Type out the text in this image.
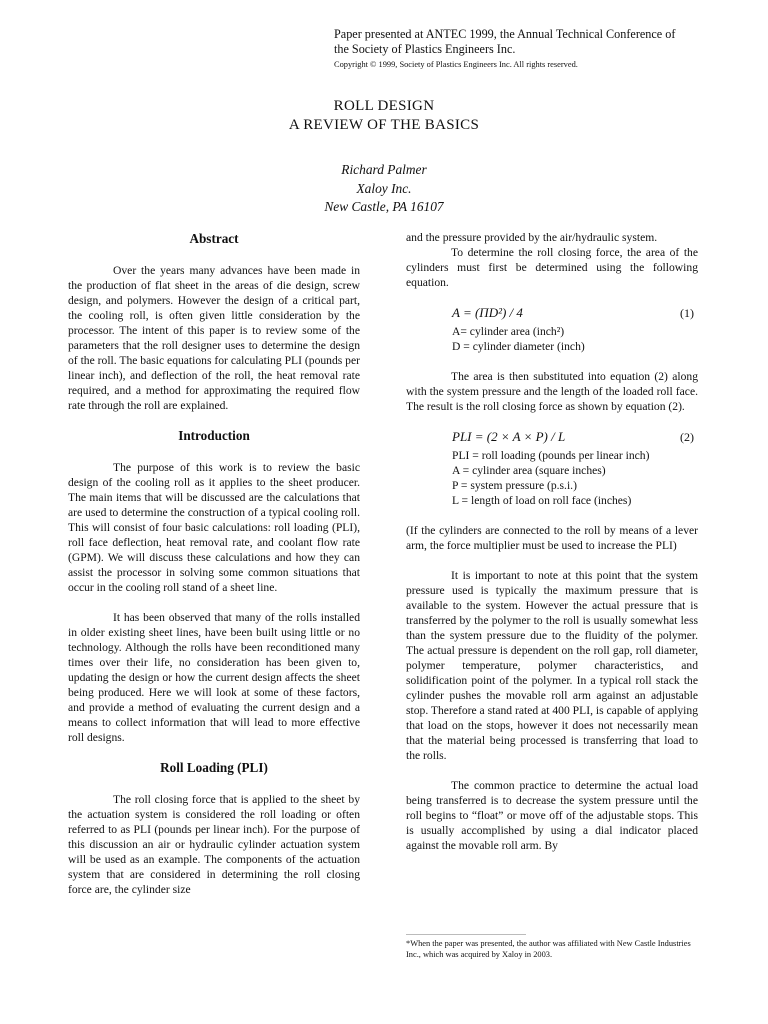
Paper presented at ANTEC 1999, the Annual Technical Conference of
the Society of Plastics Engineers Inc.
Copyright © 1999, Society of Plastics Engineers Inc. All rights reserved.
ROLL DESIGN
A REVIEW OF THE BASICS
Richard Palmer
Xaloy Inc.
New Castle, PA 16107
Abstract

Over the years many advances have been made in the production of flat sheet in the areas of die design, screw design, and polymers. However the design of a critical part, the cooling roll, is often given little consideration by the processor. The intent of this paper is to review some of the parameters that the roll designer uses to determine the design of the roll. The basic equations for calculating PLI (pounds per linear inch), and deflection of the roll, the heat removal rate required, and a method for approximating the required flow rate through the roll are explained.

Introduction

The purpose of this work is to review the basic design of the cooling roll as it applies to the sheet producer. The main items that will be discussed are the calculations that are used to determine the construction of a typical cooling roll. This will consist of four basic calculations: roll loading (PLI), roll face deflection, heat removal rate, and coolant flow rate (GPM). We will discuss these calculations and how they can assist the processor in solving some common situations that occur in the cooling roll stand of a sheet line.

It has been observed that many of the rolls installed in older existing sheet lines, have been built using little or no technology. Although the rolls have been reconditioned many times over their life, no consideration has been given to, updating the design or how the current design affects the sheet being produced. Here we will look at some of these factors, and provide a method of evaluating the current design and a means to collect information that will lead to more effective roll designs.

Roll Loading (PLI)

The roll closing force that is applied to the sheet by the actuation system is considered the roll loading or often referred to as PLI (pounds per linear inch). For the purpose of this discussion an air or hydraulic cylinder actuation system will be used as an example. The components of the actuation system that are considered in determining the roll closing force are, the cylinder size

and the pressure provided by the air/hydraulic system.

To determine the roll closing force, the area of the cylinders must first be determined using the following equation.

A = (ΠD²) / 4	(1)
A= cylinder area (inch²)
D = cylinder diameter (inch)

The area is then substituted into equation (2) along with the system pressure and the length of the loaded roll face. The result is the roll closing force as shown by equation (2).

PLI = (2 × A × P) / L	(2)
PLI = roll loading (pounds per linear inch)
A = cylinder area (square inches)
P = system pressure (p.s.i.)
L = length of load on roll face (inches)

(If the cylinders are connected to the roll by means of a lever arm, the force multiplier must be used to increase the PLI)

It is important to note at this point that the system pressure used is typically the maximum pressure that is available to the system. However the actual pressure that is transferred by the polymer to the roll is usually somewhat less than the system pressure due to the fluidity of the polymer. The actual pressure is dependent on the roll gap, roll diameter, polymer temperature, polymer characteristics, and solidification point of the polymer. In a typical roll stack the cylinder pushes the movable roll arm against an adjustable stop. Therefore a stand rated at 400 PLI, is capable of applying that load on the stops, however it does not necessarily mean that the material being processed is transferring that load to the rolls.

The common practice to determine the actual load being transferred is to decrease the system pressure until the roll begins to “float” or move off of the adjustable stops. This is usually accomplished by using a dial indicator placed against the movable roll arm. By

*When the paper was presented, the author was affiliated with New Castle Industries Inc., which was acquired by Xaloy in 2003.
